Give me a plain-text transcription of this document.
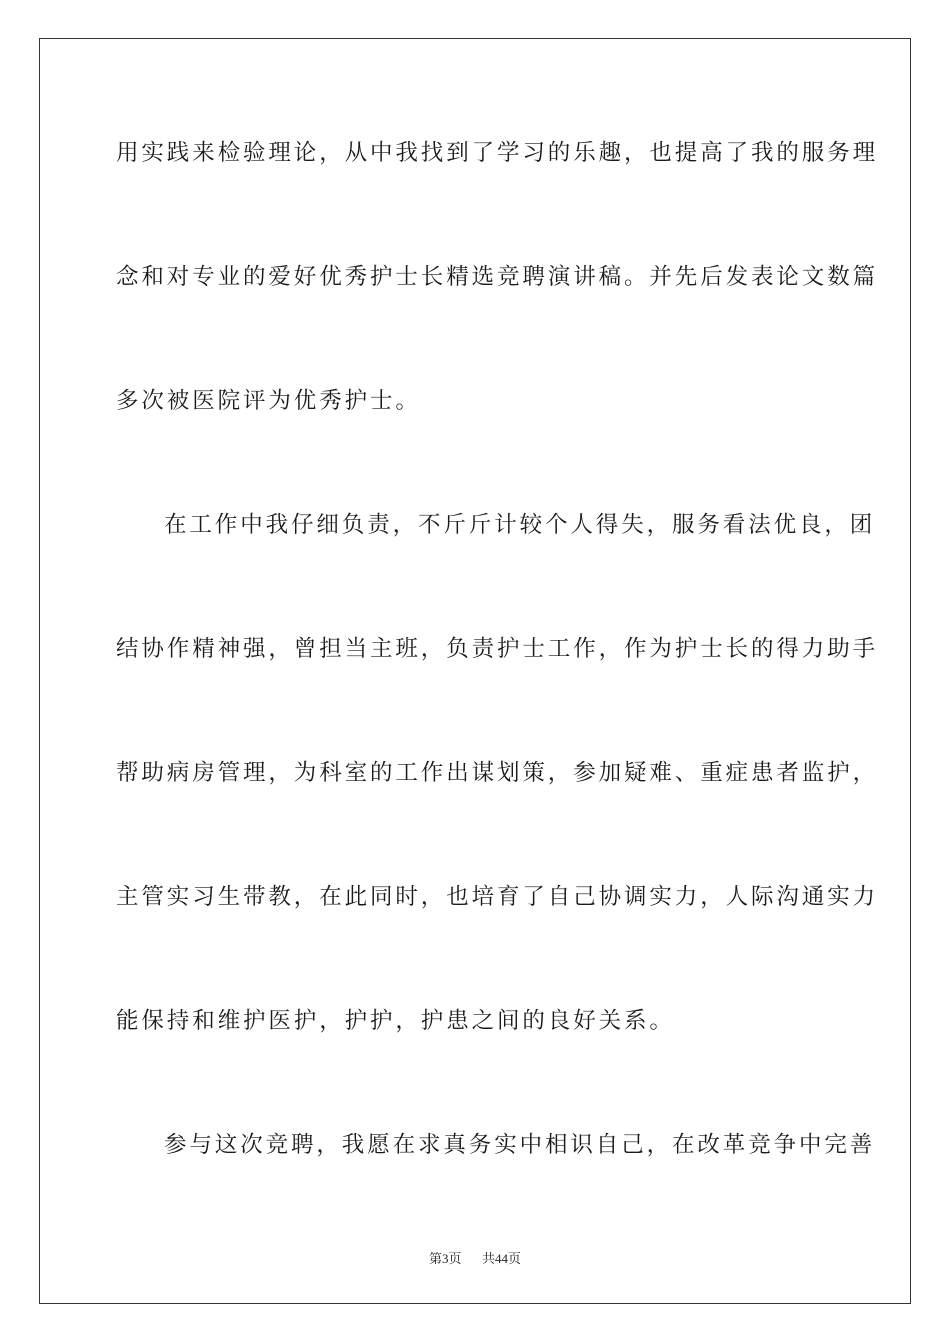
用实践来检验理论，从中我找到了学习的乐趣，也提高了我的服务理
念和对专业的爱好优秀护士长精选竞聘演讲稿。并先后发表论文数篇
多次被医院评为优秀护士。
在工作中我仔细负责，不斤斤计较个人得失，服务看法优良，团
结协作精神强，曾担当主班，负责护士工作，作为护士长的得力助手
帮助病房管理，为科室的工作出谋划策，参加疑难、重症患者监护，
主管实习生带教，在此同时，也培育了自己协调实力，人际沟通实力
能保持和维护医护，护护，护患之间的良好关系。
参与这次竞聘，我愿在求真务实中相识自己，在改革竞争中完善
第3页 共44页
